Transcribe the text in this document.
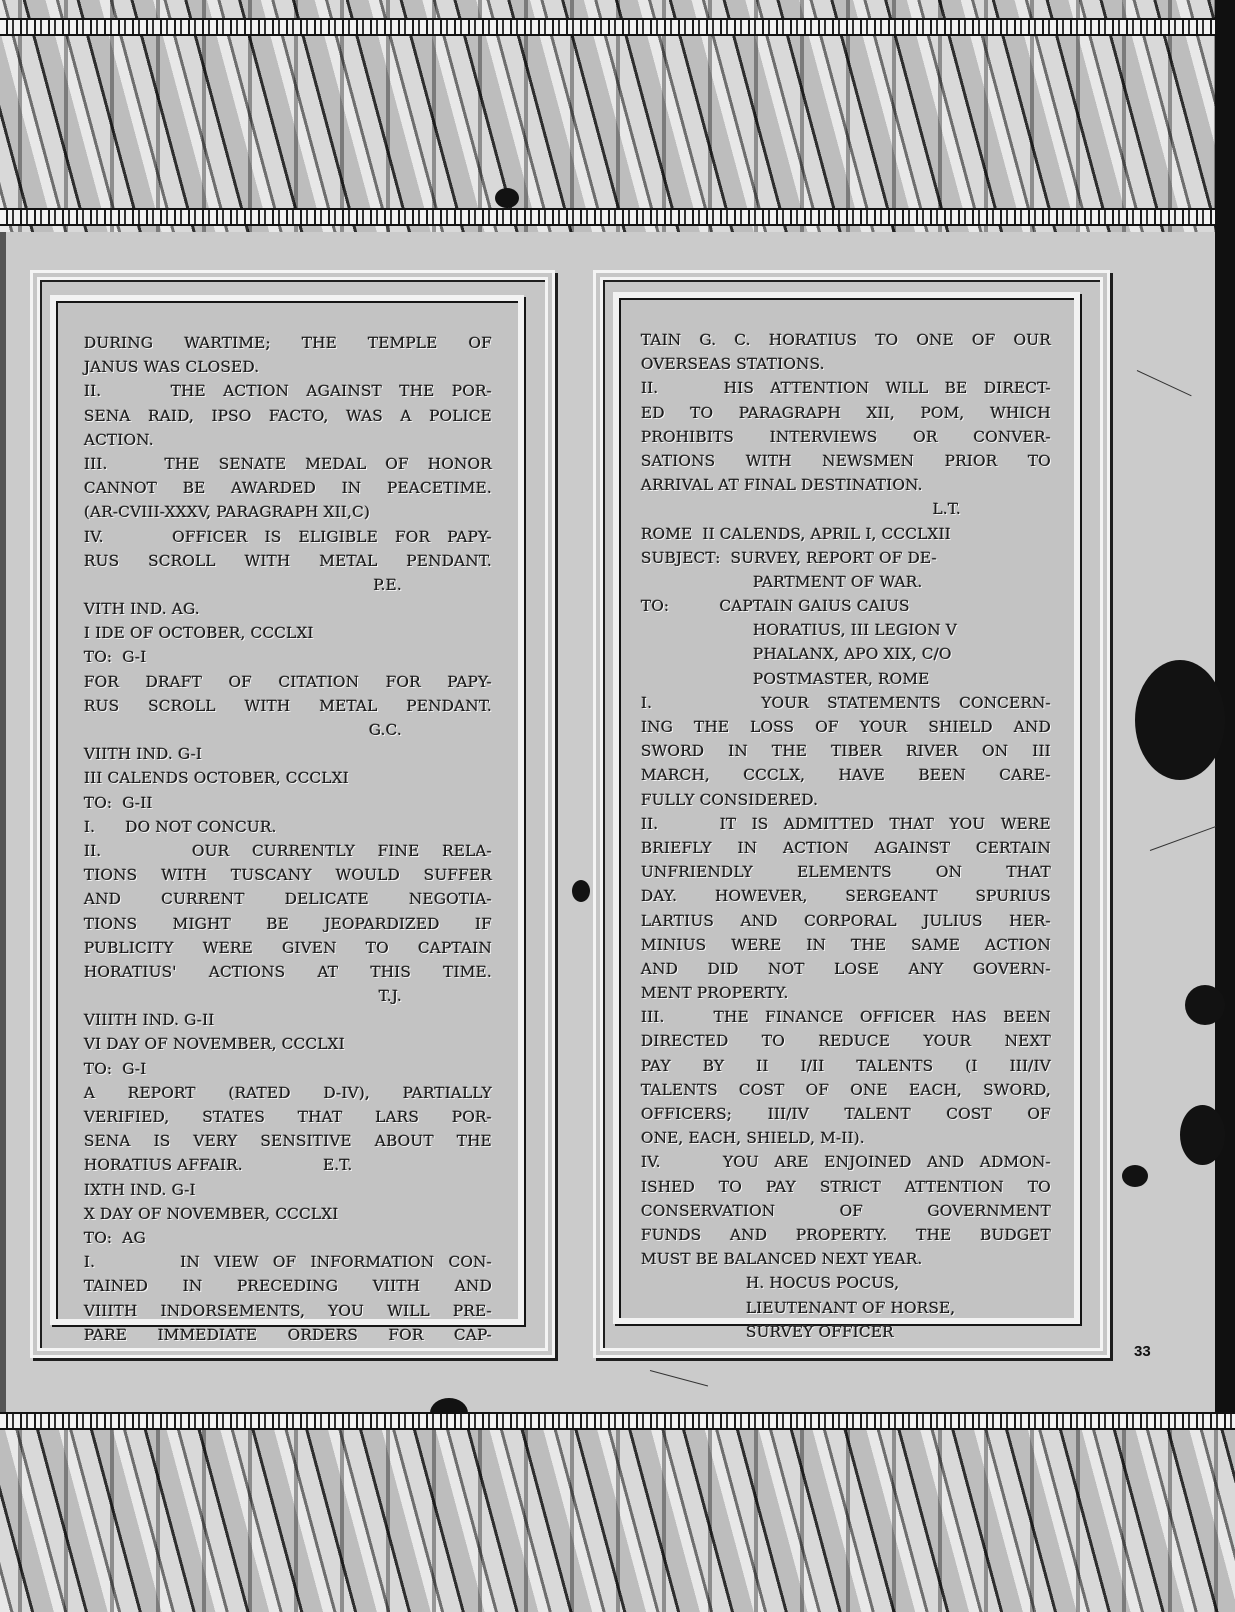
DURING WARTIME; THE TEMPLE OF
JANUS WAS CLOSED.
II.    THE ACTION AGAINST THE POR-
SENA RAID, IPSO FACTO, WAS A POLICE
ACTION.
III.   THE SENATE MEDAL OF HONOR
CANNOT BE AWARDED IN PEACETIME.
(AR-CVIII-XXXV, PARAGRAPH XII,C)
IV.    OFFICER IS ELIGIBLE FOR PAPY-
RUS SCROLL WITH METAL PENDANT.
P.E.
VITH IND. AG.
I IDE OF OCTOBER, CCCLXI
TO:  G-I
FOR DRAFT OF CITATION FOR PAPY-
RUS SCROLL WITH METAL PENDANT.
G.C.
VIITH IND. G-I
III CALENDS OCTOBER, CCCLXI
TO:  G-II
I.      DO NOT CONCUR.
II.    OUR CURRENTLY FINE RELA-
TIONS WITH TUSCANY WOULD SUFFER
AND CURRENT DELICATE NEGOTIA-
TIONS MIGHT BE JEOPARDIZED IF
PUBLICITY WERE GIVEN TO CAPTAIN
HORATIUS' ACTIONS AT THIS TIME.
T.J.
VIIITH IND. G-II
VI DAY OF NOVEMBER, CCCLXI
TO:  G-I
A REPORT (RATED D-IV), PARTIALLY
VERIFIED, STATES THAT LARS POR-
SENA IS VERY SENSITIVE ABOUT THE
HORATIUS AFFAIR.                E.T.
IXTH IND. G-I
X DAY OF NOVEMBER, CCCLXI
TO:  AG
I.      IN VIEW OF INFORMATION CON-
TAINED IN PRECEDING VIITH AND
VIIITH INDORSEMENTS, YOU WILL PRE-
PARE IMMEDIATE ORDERS FOR CAP-
TAIN G. C. HORATIUS TO ONE OF OUR
OVERSEAS STATIONS.
II.    HIS ATTENTION WILL BE DIRECT-
ED TO PARAGRAPH XII, POM, WHICH
PROHIBITS INTERVIEWS OR CONVER-
SATIONS WITH NEWSMEN PRIOR TO
ARRIVAL AT FINAL DESTINATION.
L.T.
ROME  II CALENDS, APRIL I, CCCLXII
SUBJECT:  SURVEY, REPORT OF DE-
PARTMENT OF WAR.
TO:          CAPTAIN GAIUS CAIUS
HORATIUS, III LEGION V
PHALANX, APO XIX, C/O
POSTMASTER, ROME
I.      YOUR STATEMENTS CONCERN-
ING THE LOSS OF YOUR SHIELD AND
SWORD IN THE TIBER RIVER ON III
MARCH, CCCLX, HAVE BEEN CARE-
FULLY CONSIDERED.
II.    IT IS ADMITTED THAT YOU WERE
BRIEFLY IN ACTION AGAINST CERTAIN
UNFRIENDLY ELEMENTS ON THAT
DAY. HOWEVER, SERGEANT SPURIUS
LARTIUS AND CORPORAL JULIUS HER-
MINIUS WERE IN THE SAME ACTION
AND DID NOT LOSE ANY GOVERN-
MENT PROPERTY.
III.   THE FINANCE OFFICER HAS BEEN
DIRECTED TO REDUCE YOUR NEXT
PAY BY II I/II TALENTS (I III/IV
TALENTS COST OF ONE EACH, SWORD,
OFFICERS; III/IV TALENT COST OF
ONE, EACH, SHIELD, M-II).
IV.    YOU ARE ENJOINED AND ADMON-
ISHED TO PAY STRICT ATTENTION TO
CONSERVATION OF GOVERNMENT
FUNDS AND PROPERTY. THE BUDGET
MUST BE BALANCED NEXT YEAR.
H. HOCUS POCUS,
LIEUTENANT OF HORSE,
SURVEY OFFICER
33
